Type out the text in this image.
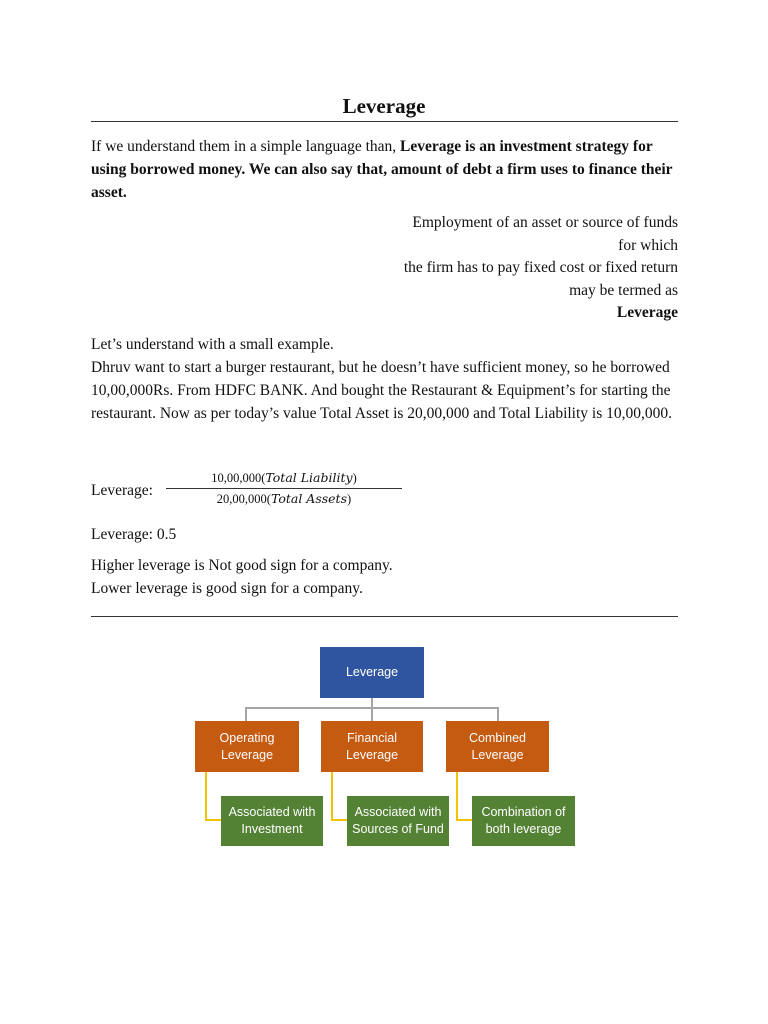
Leverage

If we understand them in a simple language than, Leverage is an investment strategy for using borrowed money. We can also say that, amount of debt a firm uses to finance their asset.

Employment of an asset or source of funds
for which
the firm has to pay fixed cost or fixed return
may be termed as
Leverage

Let’s understand with a small example.

Dhruv want to start a burger restaurant, but he doesn’t have sufficient money, so he borrowed 10,00,000Rs. From HDFC BANK. And bought the Restaurant & Equipment’s for starting the restaurant. Now as per today’s value Total Asset is 20,00,000 and Total Liability is 10,00,000.

Leverage:
10,00,000(Total Liability)
20,00,000(Total Assets)
Leverage: 0.5

Higher leverage is Not good sign for a company.

Lower leverage is good sign for a company.

Leverage
Operating Leverage
Financial Leverage
Combined Leverage
Associated with Investment
Associated with Sources of Fund
Combination of both leverage
